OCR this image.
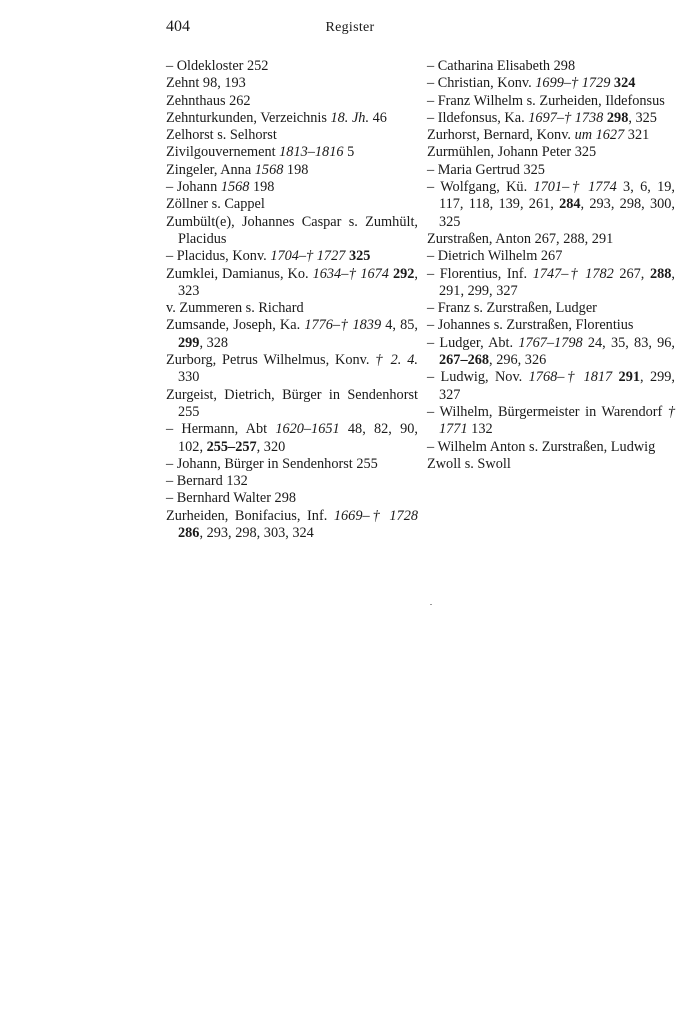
404	Register

– Oldekloster 252

Zehnt 98, 193

Zehnthaus 262

Zehnturkunden, Verzeichnis 18. Jh. 46

Zelhorst s. Selhorst

Zivilgouvernement 1813–1816 5

Zingeler, Anna 1568 198

– Johann 1568 198

Zöllner s. Cappel

Zumbült(e), Johannes Caspar s. Zumhült, Placidus

– Placidus, Konv. 1704–† 1727 325

Zumklei, Damianus, Ko. 1634–† 1674 292, 323

v. Zummeren s. Richard

Zumsande, Joseph, Ka. 1776–† 1839 4, 85, 299, 328

Zurborg, Petrus Wilhelmus, Konv. † 2. 4. 330

Zurgeist, Dietrich, Bürger in Sendenhorst 255

– Hermann, Abt 1620–1651 48, 82, 90, 102, 255–257, 320

– Johann, Bürger in Sendenhorst 255

– Bernard 132

– Bernhard Walter 298

Zurheiden, Bonifacius, Inf. 1669–† 1728 286, 293, 298, 303, 324

– Catharina Elisabeth 298

– Christian, Konv. 1699–† 1729 324

– Franz Wilhelm s. Zurheiden, Ildefonsus

– Ildefonsus, Ka. 1697–† 1738 298, 325

Zurhorst, Bernard, Konv. um 1627 321

Zurmühlen, Johann Peter 325

– Maria Gertrud 325

– Wolfgang, Kü. 1701–† 1774 3, 6, 19, 117, 118, 139, 261, 284, 293, 298, 300, 325

Zurstraßen, Anton 267, 288, 291

– Dietrich Wilhelm 267

– Florentius, Inf. 1747–† 1782 267, 288, 291, 299, 327

– Franz s. Zurstraßen, Ludger

– Johannes s. Zurstraßen, Florentius

– Ludger, Abt. 1767–1798 24, 35, 83, 96, 267–268, 296, 326

– Ludwig, Nov. 1768–† 1817 291, 299, 327

– Wilhelm, Bürgermeister in Warendorf † 1771 132

– Wilhelm Anton s. Zurstraßen, Ludwig

Zwoll s. Swoll
